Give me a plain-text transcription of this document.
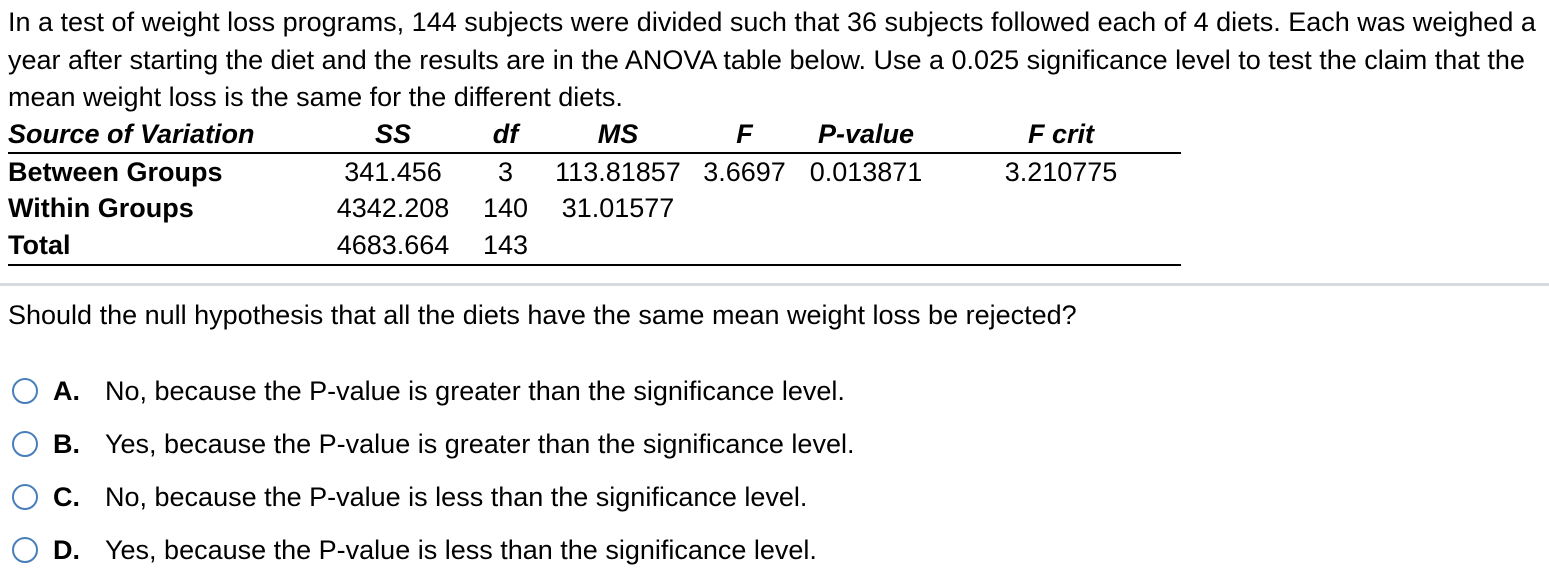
In a test of weight loss programs, 144 subjects were divided such that 36 subjects followed each of 4 diets. Each was weighed a year after starting the diet and the results are in the ANOVA table below. Use a 0.025 significance level to test the claim that the mean weight loss is the same for the different diets.
Source of Variation	SS	df	MS	F	P-value	F crit
Between Groups	341.456	3	113.81857	3.6697	0.013871	3.210775
Within Groups	4342.208	140	31.01577			
Total	4683.664	143				
Should the null hypothesis that all the diets have the same mean weight loss be rejected?
A. No, because the P-value is greater than the significance level.
B. Yes, because the P-value is greater than the significance level.
C. No, because the P-value is less than the significance level.
D. Yes, because the P-value is less than the significance level.
